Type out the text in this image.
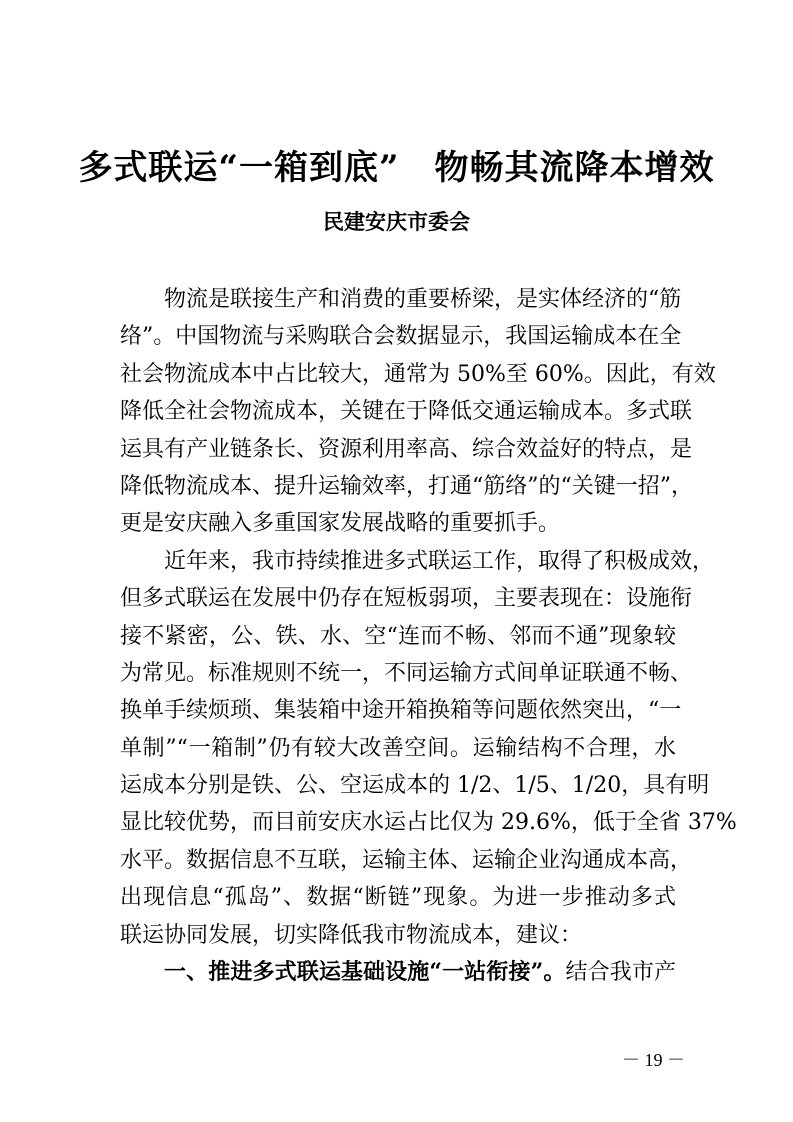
多式联运“一箱到底”　物畅其流降本增效
民建安庆市委会
物流是联接生产和消费的重要桥梁，是实体经济的“筋
络”。中国物流与采购联合会数据显示，我国运输成本在全
社会物流成本中占比较大，通常为 50%至 60%。因此，有效
降低全社会物流成本，关键在于降低交通运输成本。多式联
运具有产业链条长、资源利用率高、综合效益好的特点，是
降低物流成本、提升运输效率，打通“筋络”的“关键一招”，
更是安庆融入多重国家发展战略的重要抓手。
近年来，我市持续推进多式联运工作，取得了积极成效，
但多式联运在发展中仍存在短板弱项，主要表现在：设施衔
接不紧密，公、铁、水、空“连而不畅、邻而不通”现象较
为常见。标准规则不统一，不同运输方式间单证联通不畅、
换单手续烦琐、集装箱中途开箱换箱等问题依然突出，“一
单制”“一箱制”仍有较大改善空间。运输结构不合理，水
运成本分别是铁、公、空运成本的 1/2、1/5、1/20，具有明
显比较优势，而目前安庆水运占比仅为 29.6%，低于全省 37%
水平。数据信息不互联，运输主体、运输企业沟通成本高，
出现信息“孤岛”、数据“断链”现象。为进一步推动多式
联运协同发展，切实降低我市物流成本，建议：
一、推进多式联运基础设施“一站衔接”。结合我市产
－ 19 －
